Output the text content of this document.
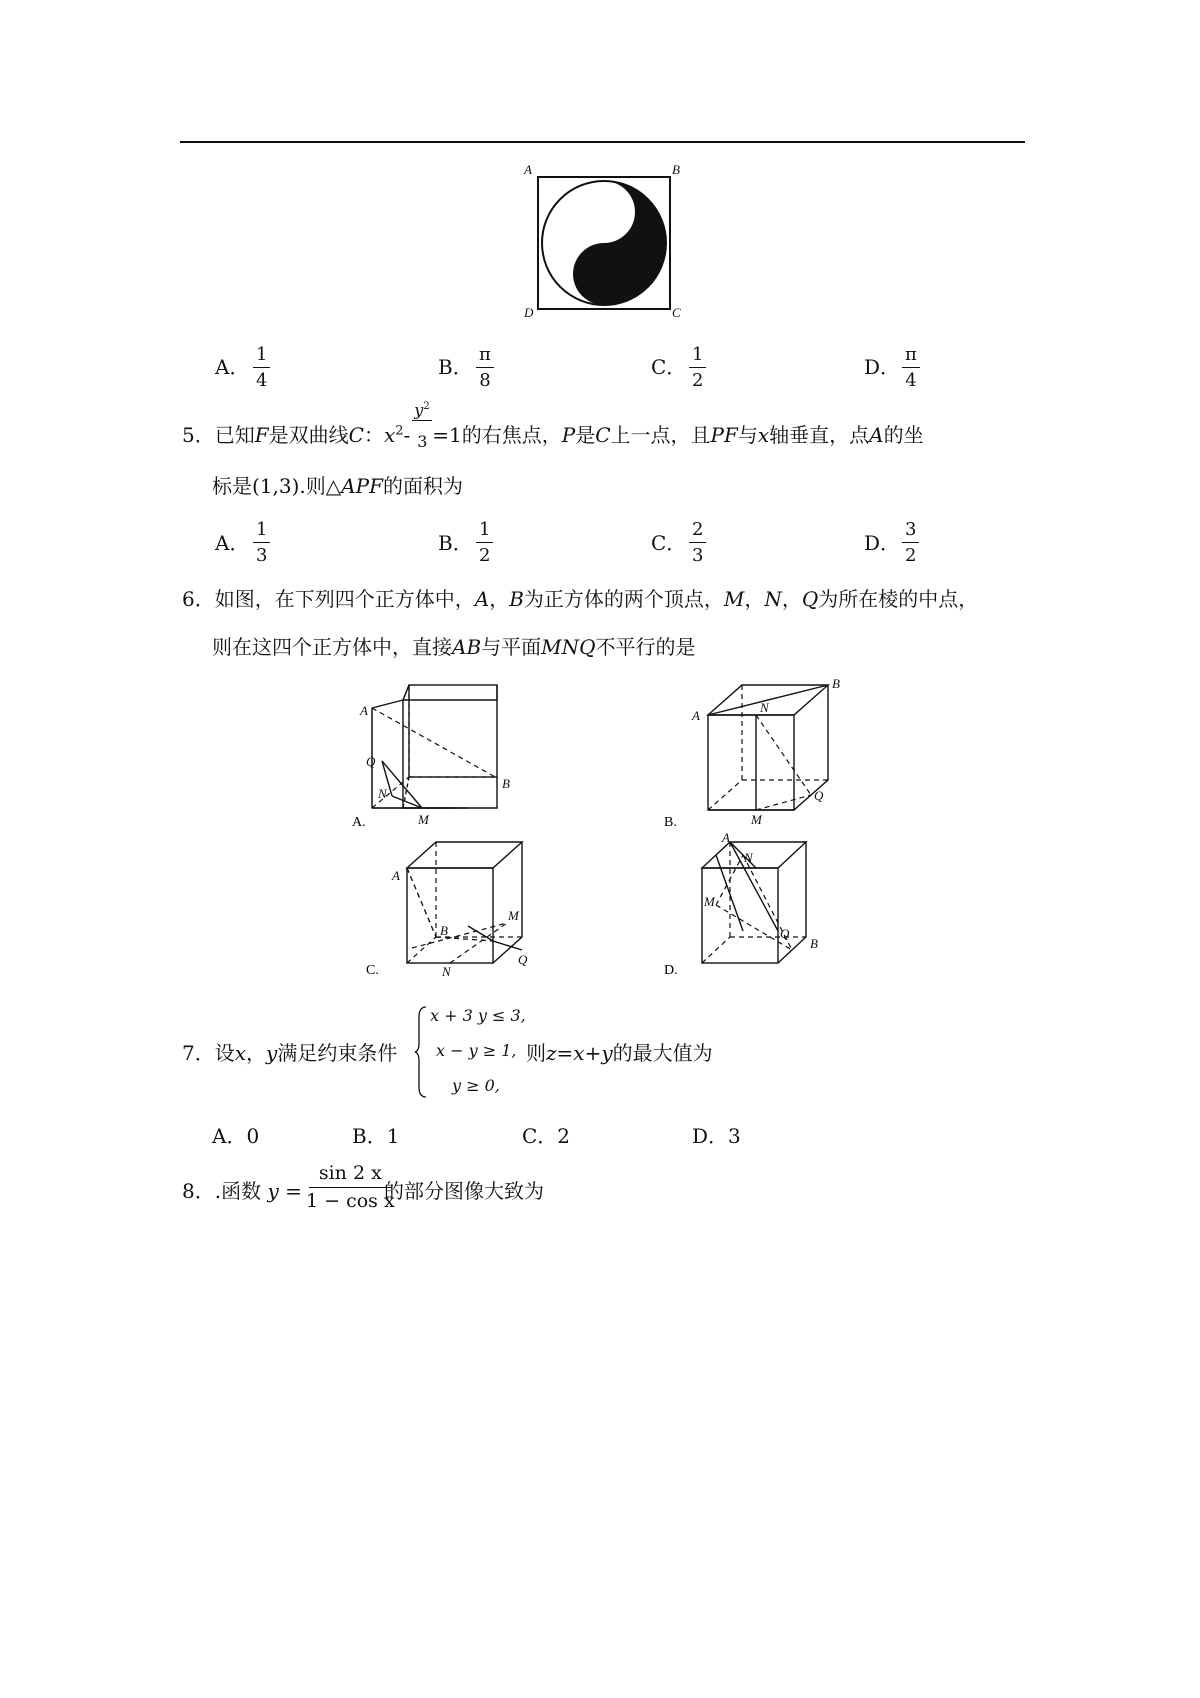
A	B
D	C
A． $\frac{1}{4}$	B． $\frac{\pi}{8}$	C． $\frac{1}{2}$	D． $\frac{\pi}{4}$
5．已知F是双曲线C：$x^2- \frac{y^2}{3} =1$的右焦点，P是C上一点，且PF与x轴垂直，点A的坐
标是(1,3).则△APF的面积为
A． $\frac{1}{3}$	B． $\frac{1}{2}$	C． $\frac{2}{3}$	D． $\frac{3}{2}$
6．如图，在下列四个正方体中，A，B为正方体的两个顶点，M，N，Q为所在棱的中点，
则在这四个正方体中，直接AB与平面MNQ不平行的是
A
B
Q
N
M
A.
A
B
N
Q
M
B.
A
B
M
N
Q
C.
A
N
M
Q
B
D.
7．设x，y满足约束条件
x + 3 y ≤ 3,
x − y ≥ 1,
y ≥ 0,
则z=x+y的最大值为
A．0	B．1	C．2	D．3
8．.函数 $y = \frac{\sin 2 x}{\text{1 − cos x}}$
的部分图像大致为
